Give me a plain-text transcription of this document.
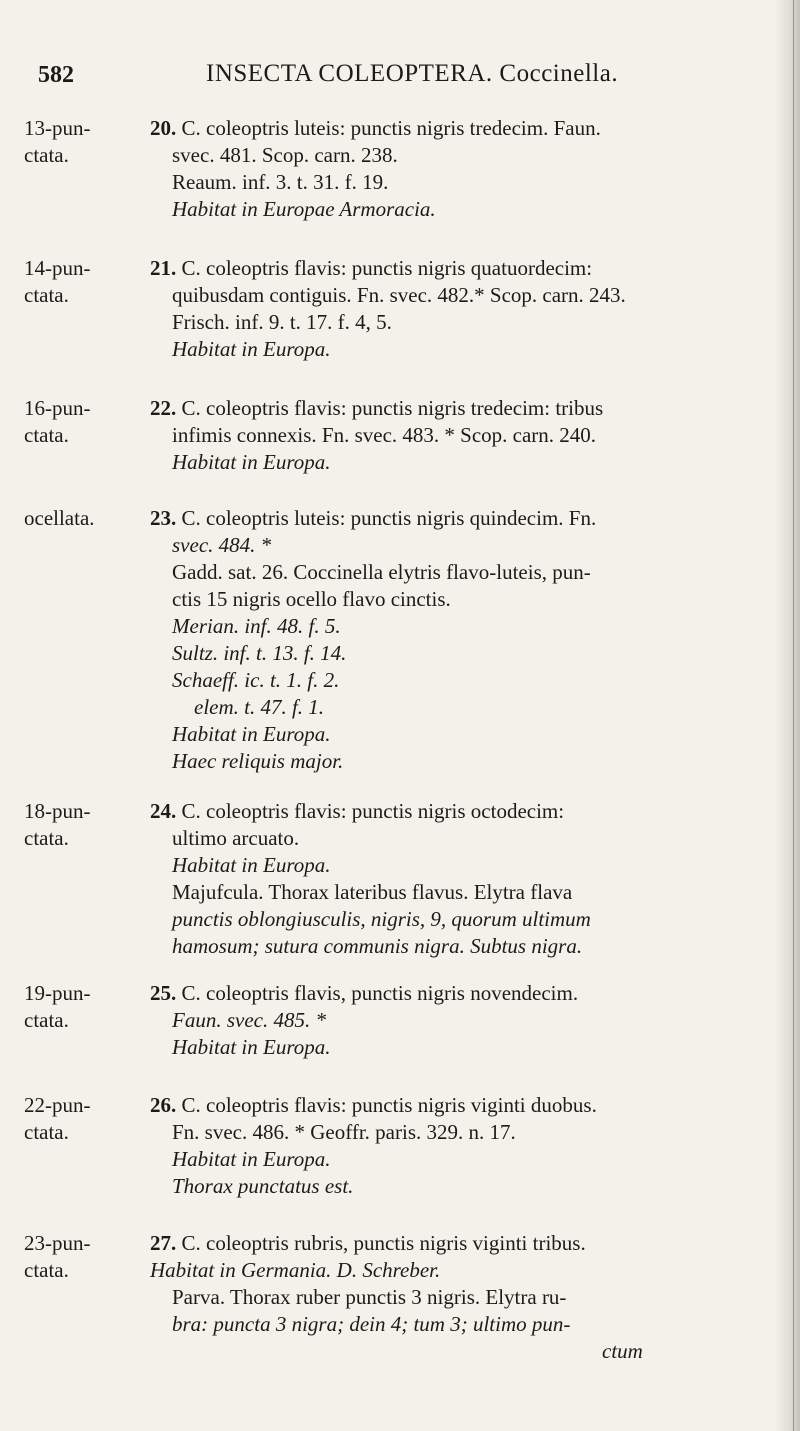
582	INSECTA COLEOPTERA. Coccinella.
13-pun-
ctata.
20. C. coleoptris luteis: punctis nigris tredecim. Faun.
svec. 481. Scop. carn. 238.
Reaum. inf. 3. t. 31. f. 19.
Habitat in Europae Armoracia.
14-pun-
ctata.
21. C. coleoptris flavis: punctis nigris quatuordecim:
quibusdam contiguis. Fn. svec. 482.* Scop. carn. 243.
Frisch. inf. 9. t. 17. f. 4, 5.
Habitat in Europa.
16-pun-
ctata.
22. C. coleoptris flavis: punctis nigris tredecim: tribus
infimis connexis. Fn. svec. 483. * Scop. carn. 240.
Habitat in Europa.
ocellata.	23. C. coleoptris luteis: punctis nigris quindecim. Fn.
svec. 484. *
Gadd. sat. 26. Coccinella elytris flavo-luteis, pun-
ctis 15 nigris ocello flavo cinctis.
Merian. inf. 48. f. 5.
Sultz. inf. t. 13. f. 14.
Schaeff. ic. t. 1. f. 2.
elem. t. 47. f. 1.
Habitat in Europa.
Haec reliquis major.
18-pun-
ctata.
24. C. coleoptris flavis: punctis nigris octodecim:
ultimo arcuato.
Habitat in Europa.
Majufcula. Thorax lateribus flavus. Elytra flava
punctis oblongiusculis, nigris, 9, quorum ultimum
hamosum; sutura communis nigra. Subtus nigra.
19-pun-
ctata.
25. C. coleoptris flavis, punctis nigris novendecim.
Faun. svec. 485. *
Habitat in Europa.
22-pun-
ctata.
26. C. coleoptris flavis: punctis nigris viginti duobus.
Fn. svec. 486. * Geoffr. paris. 329. n. 17.
Habitat in Europa.
Thorax punctatus est.
23-pun-
ctata.
27. C. coleoptris rubris, punctis nigris viginti tribus.
Habitat in Germania. D. Schreber.
Parva. Thorax ruber punctis 3 nigris. Elytra ru-
bra: puncta 3 nigra; dein 4; tum 3; ultimo pun-
ctum
